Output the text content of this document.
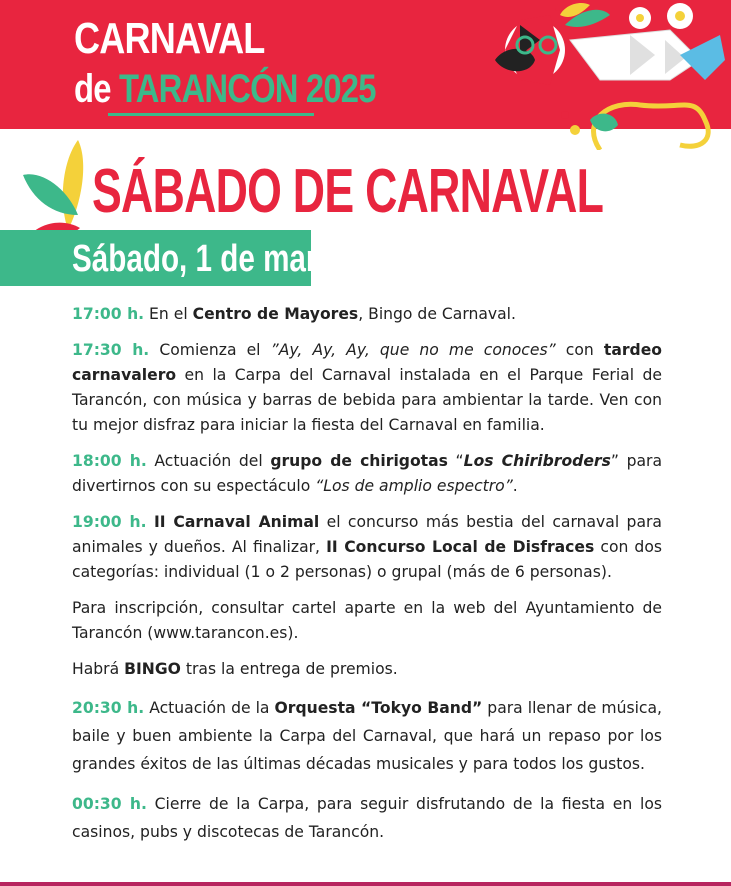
CARNAVAL
de TARANCÓN 2025
SÁBADO DE CARNAVAL
Sábado, 1 de marzo

17:00 h. En el Centro de Mayores, Bingo de Carnaval.

17:30 h. Comienza el ”Ay, Ay, Ay, que no me conoces” con tardeo carnavalero en la Carpa del Carnaval instalada en el Parque Ferial de Tarancón, con música y barras de bebida para ambientar la tarde. Ven con tu mejor disfraz para iniciar la fiesta del Carnaval en familia.

18:00 h. Actuación del grupo de chirigotas “Los Chiribroders” para divertirnos con su espectáculo “Los de amplio espectro”.

19:00 h. II Carnaval Animal el concurso más bestia del carnaval para animales y dueños. Al finalizar, II Concurso Local de Disfraces con dos categorías: individual (1 o 2 personas) o grupal (más de 6 personas).

Para inscripción, consultar cartel aparte en la web del Ayuntamiento de Tarancón (www.tarancon.es).

Habrá BINGO tras la entrega de premios.

20:30 h. Actuación de la Orquesta “Tokyo Band” para llenar de música, baile y buen ambiente la Carpa del Carnaval, que hará un repaso por los grandes éxitos de las últimas décadas musicales y para todos los gustos.

00:30 h. Cierre de la Carpa, para seguir disfrutando de la fiesta en los casinos, pubs y discotecas de Tarancón.
